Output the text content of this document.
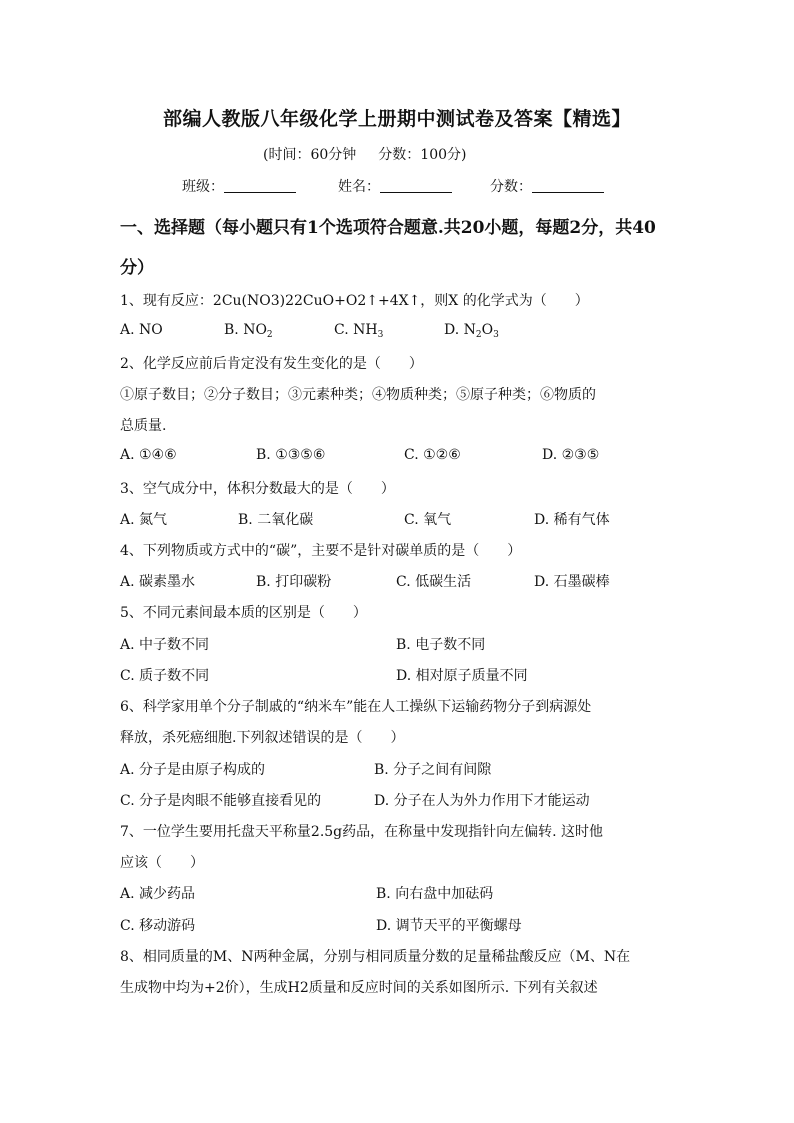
部编人教版八年级化学上册期中测试卷及答案【精选】
(时间：60分钟 分数：100分)
班级：	姓名：	分数：
一、选择题（每小题只有1个选项符合题意.共20小题，每题2分，共40分）
1、现有反应：2Cu(NO3)22CuO+O2↑+4X↑，则X 的化学式为（　　）
A. NO	B. $NO_2$	C. $NH_3$	D. $N_2O_3$
2、化学反应前后肯定没有发生变化的是（　　）
①原子数目；②分子数目；③元素种类；④物质种类；⑤原子种类；⑥物质的
总质量.
A. ①④⑥	B. ①③⑤⑥	C. ①②⑥	D. ②③⑤
3、空气成分中，体积分数最大的是（　　）
A. 氮气	B. 二氧化碳	C. 氧气	D. 稀有气体
4、下列物质或方式中的“碳”，主要不是针对碳单质的是（　　）
A. 碳素墨水	B. 打印碳粉	C. 低碳生活	D. 石墨碳棒
5、不同元素间最本质的区别是（　　）
A. 中子数不同	B. 电子数不同
C. 质子数不同	D. 相对原子质量不同
6、科学家用单个分子制戚的“纳米车”能在人工操纵下运输药物分子到病源处
释放，杀死癌细胞.下列叙述错误的是（　　）
A. 分子是由原子构成的	B. 分子之间有间隙
C. 分子是肉眼不能够直接看见的	D. 分子在人为外力作用下才能运动
7、一位学生要用托盘天平称量2.5g药品，在称量中发现指针向左偏转. 这时他
应该（　　）
A. 减少药品	B. 向右盘中加砝码
C. 移动游码	D. 调节天平的平衡螺母
8、相同质量的M、N两种金属，分别与相同质量分数的足量稀盐酸反应（M、N在
生成物中均为+2价），生成H2质量和反应时间的关系如图所示. 下列有关叙述
